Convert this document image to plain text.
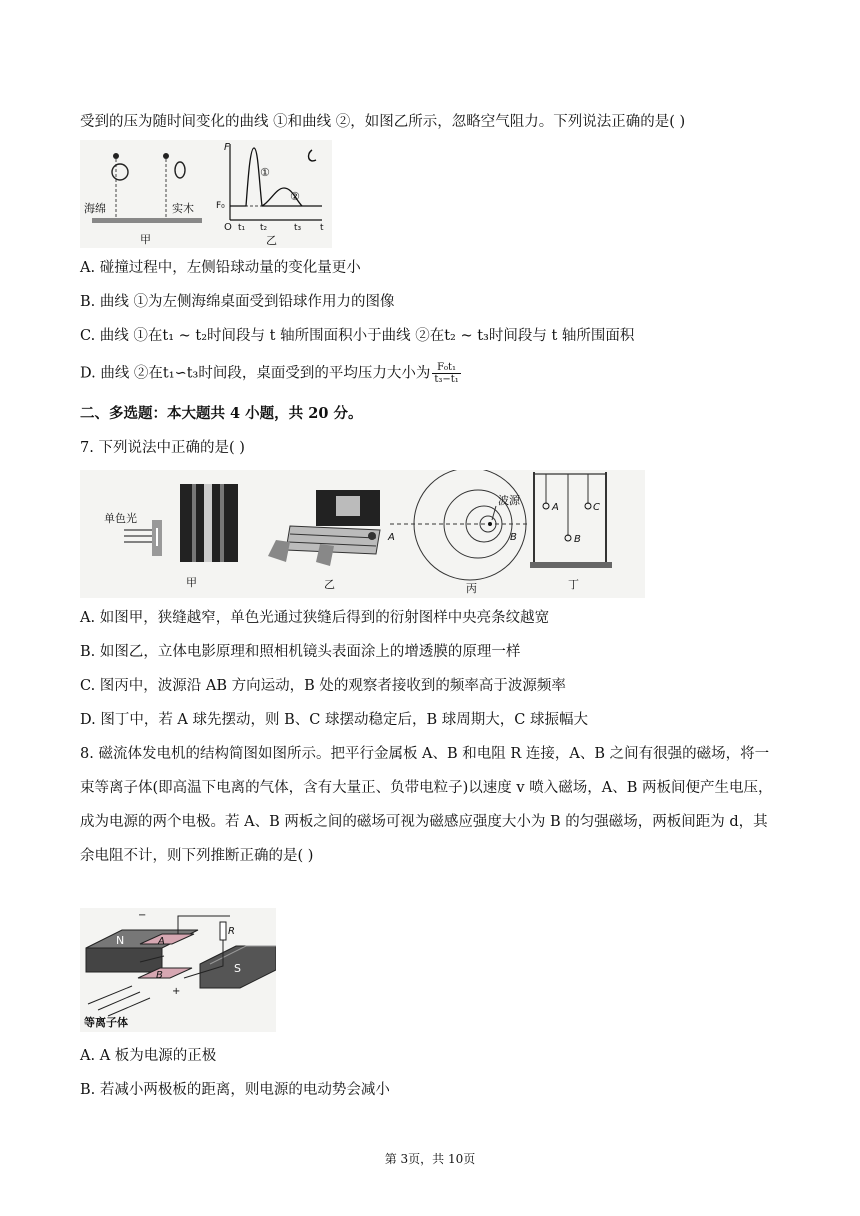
受到的压为随时间变化的曲线 ①和曲线 ②，如图乙所示，忽略空气阻力。下列说法正确的是( )
海绵	实木
甲
F
F₀
O t₁ t₂	t₃ t
①
②
乙
A. 碰撞过程中，左侧铅球动量的变化量更小
B. 曲线 ①为左侧海绵桌面受到铅球作用力的图像
C. 曲线 ①在t₁ ~ t₂时间段与 t 轴所围面积小于曲线 ②在t₂ ~ t₃时间段与 t 轴所围面积
D. 曲线 ②在t₁∽t₃时间段，桌面受到的平均压力大小为 $\frac{\text{F₀t₁}}{\text{t₃−t₁}}$
二、多选题：本大题共 4 小题，共 20 分。
7. 下列说法中正确的是( )
单色光
甲	乙
波源
A	B
丙
A
B
C
丁
A. 如图甲，狭缝越窄，单色光通过狭缝后得到的衍射图样中央亮条纹越宽
B. 如图乙，立体电影原理和照相机镜头表面涂上的增透膜的原理一样
C. 图丙中，波源沿 AB 方向运动，B 处的观察者接收到的频率高于波源频率
D. 图丁中，若 A 球先摆动，则 B、C 球摆动稳定后，B 球周期大，C 球振幅大
8. 磁流体发电机的结构简图如图所示。把平行金属板 A、B 和电阻 R 连接，A、B 之间有很强的磁场，将一
束等离子体(即高温下电离的气体，含有大量正、负带电粒子)以速度 v 喷入磁场，A、B 两板间便产生电压，
成为电源的两个电极。若 A、B 两板之间的磁场可视为磁感应强度大小为 B 的匀强磁场，两板间距为 d，其
余电阻不计，则下列推断正确的是( )
N	A
B
S
R
−
+
等离子体
A. A 板为电源的正极
B. 若减小两极板的距离，则电源的电动势会减小
第 3页，共 10页
